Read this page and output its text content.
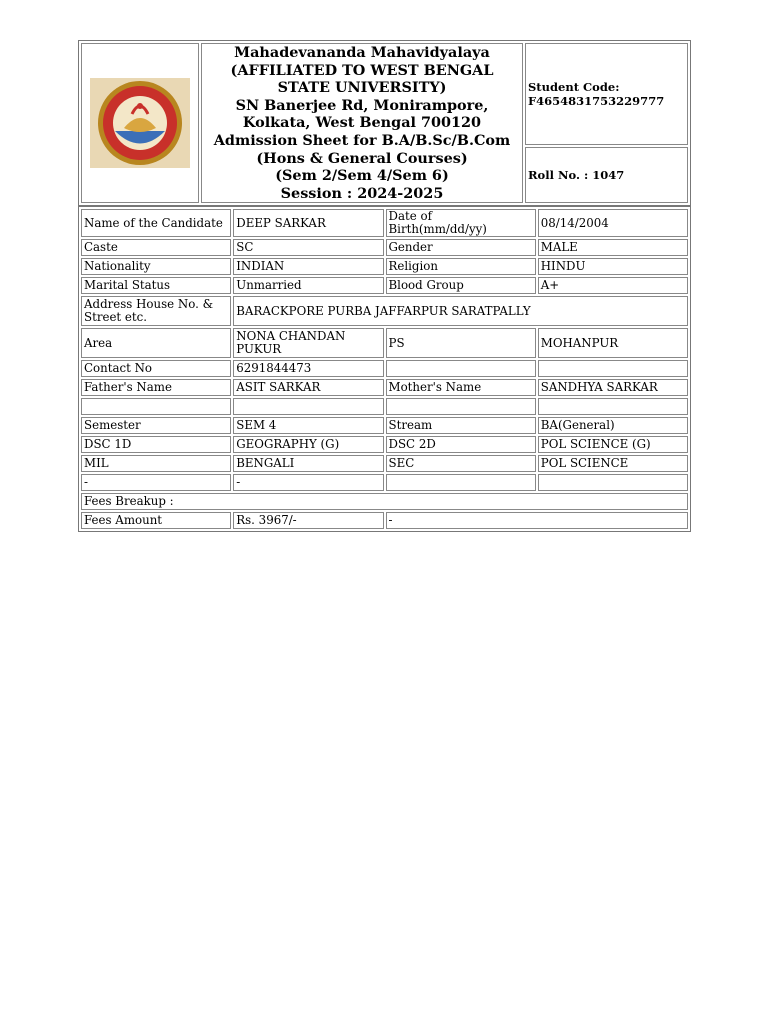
Mahadevananda Mahavidyalaya
(AFFILIATED TO WEST BENGAL STATE UNIVERSITY)
SN Banerjee Rd, Monirampore, Kolkata, West Bengal 700120
Admission Sheet for B.A/B.Sc/B.Com
(Hons & General Courses)
(Sem 2/Sem 4/Sem 6)
Session : 2024-2025
	Student Code: F4654831753229777
Roll No. : 1047
Name of the Candidate	DEEP SARKAR	Date of Birth(mm/dd/yy)	08/14/2004
Caste	SC	Gender	MALE
Nationality	INDIAN	Religion	HINDU
Marital Status	Unmarried	Blood Group	A+
Address House No. & Street etc.	BARACKPORE PURBA JAFFARPUR SARATPALLY		
Area	NONA CHANDAN PUKUR	PS	MOHANPUR
Contact No	6291844473		
Father's Name	ASIT SARKAR	Mother's Name	SANDHYA SARKAR

Semester	SEM 4	Stream	BA(General)
DSC 1D	GEOGRAPHY (G)	DSC 2D	POL SCIENCE (G)
MIL	BENGALI	SEC	POL SCIENCE
-	-		
Fees Breakup :			
Fees Amount	Rs. 3967/-	-	
